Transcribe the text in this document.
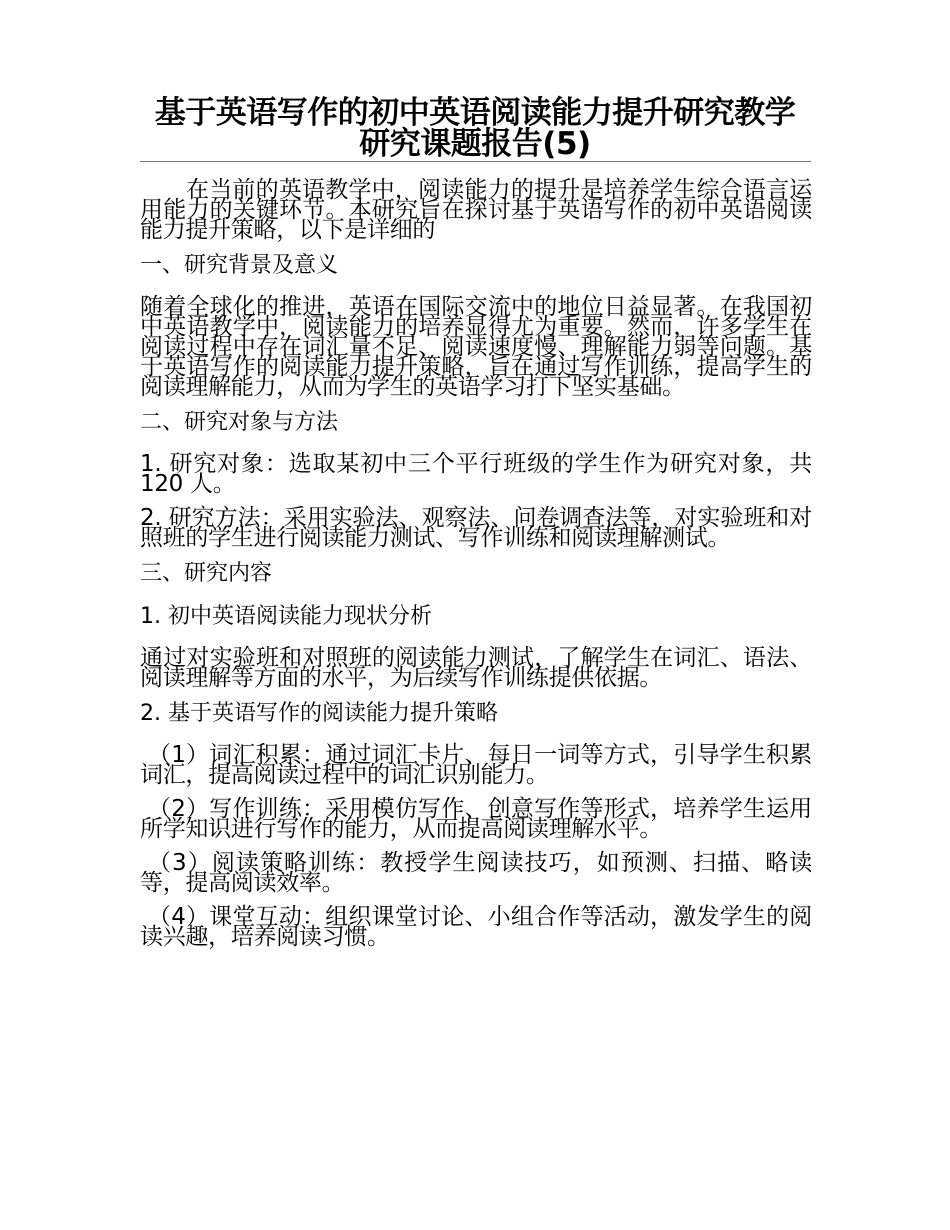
基于英语写作的初中英语阅读能力提升研究教学研究课题报告(5)

在当前的英语教学中，阅读能力的提升是培养学生综合语言运用能力的关键环节。本研究旨在探讨基于英语写作的初中英语阅读能力提升策略，以下是详细的

一、研究背景及意义

随着全球化的推进，英语在国际交流中的地位日益显著。在我国初中英语教学中，阅读能力的培养显得尤为重要。然而，许多学生在阅读过程中存在词汇量不足、阅读速度慢、理解能力弱等问题。基于英语写作的阅读能力提升策略，旨在通过写作训练，提高学生的阅读理解能力，从而为学生的英语学习打下坚实基础。

二、研究对象与方法

1. 研究对象：选取某初中三个平行班级的学生作为研究对象，共 120 人。

2. 研究方法：采用实验法、观察法、问卷调查法等，对实验班和对照班的学生进行阅读能力测试、写作训练和阅读理解测试。

三、研究内容

1. 初中英语阅读能力现状分析

通过对实验班和对照班的阅读能力测试，了解学生在词汇、语法、阅读理解等方面的水平，为后续写作训练提供依据。

2. 基于英语写作的阅读能力提升策略

（1）词汇积累：通过词汇卡片、每日一词等方式，引导学生积累词汇，提高阅读过程中的词汇识别能力。

（2）写作训练：采用模仿写作、创意写作等形式，培养学生运用所学知识进行写作的能力，从而提高阅读理解水平。

（3）阅读策略训练：教授学生阅读技巧，如预测、扫描、略读等，提高阅读效率。

（4）课堂互动：组织课堂讨论、小组合作等活动，激发学生的阅读兴趣，培养阅读习惯。
